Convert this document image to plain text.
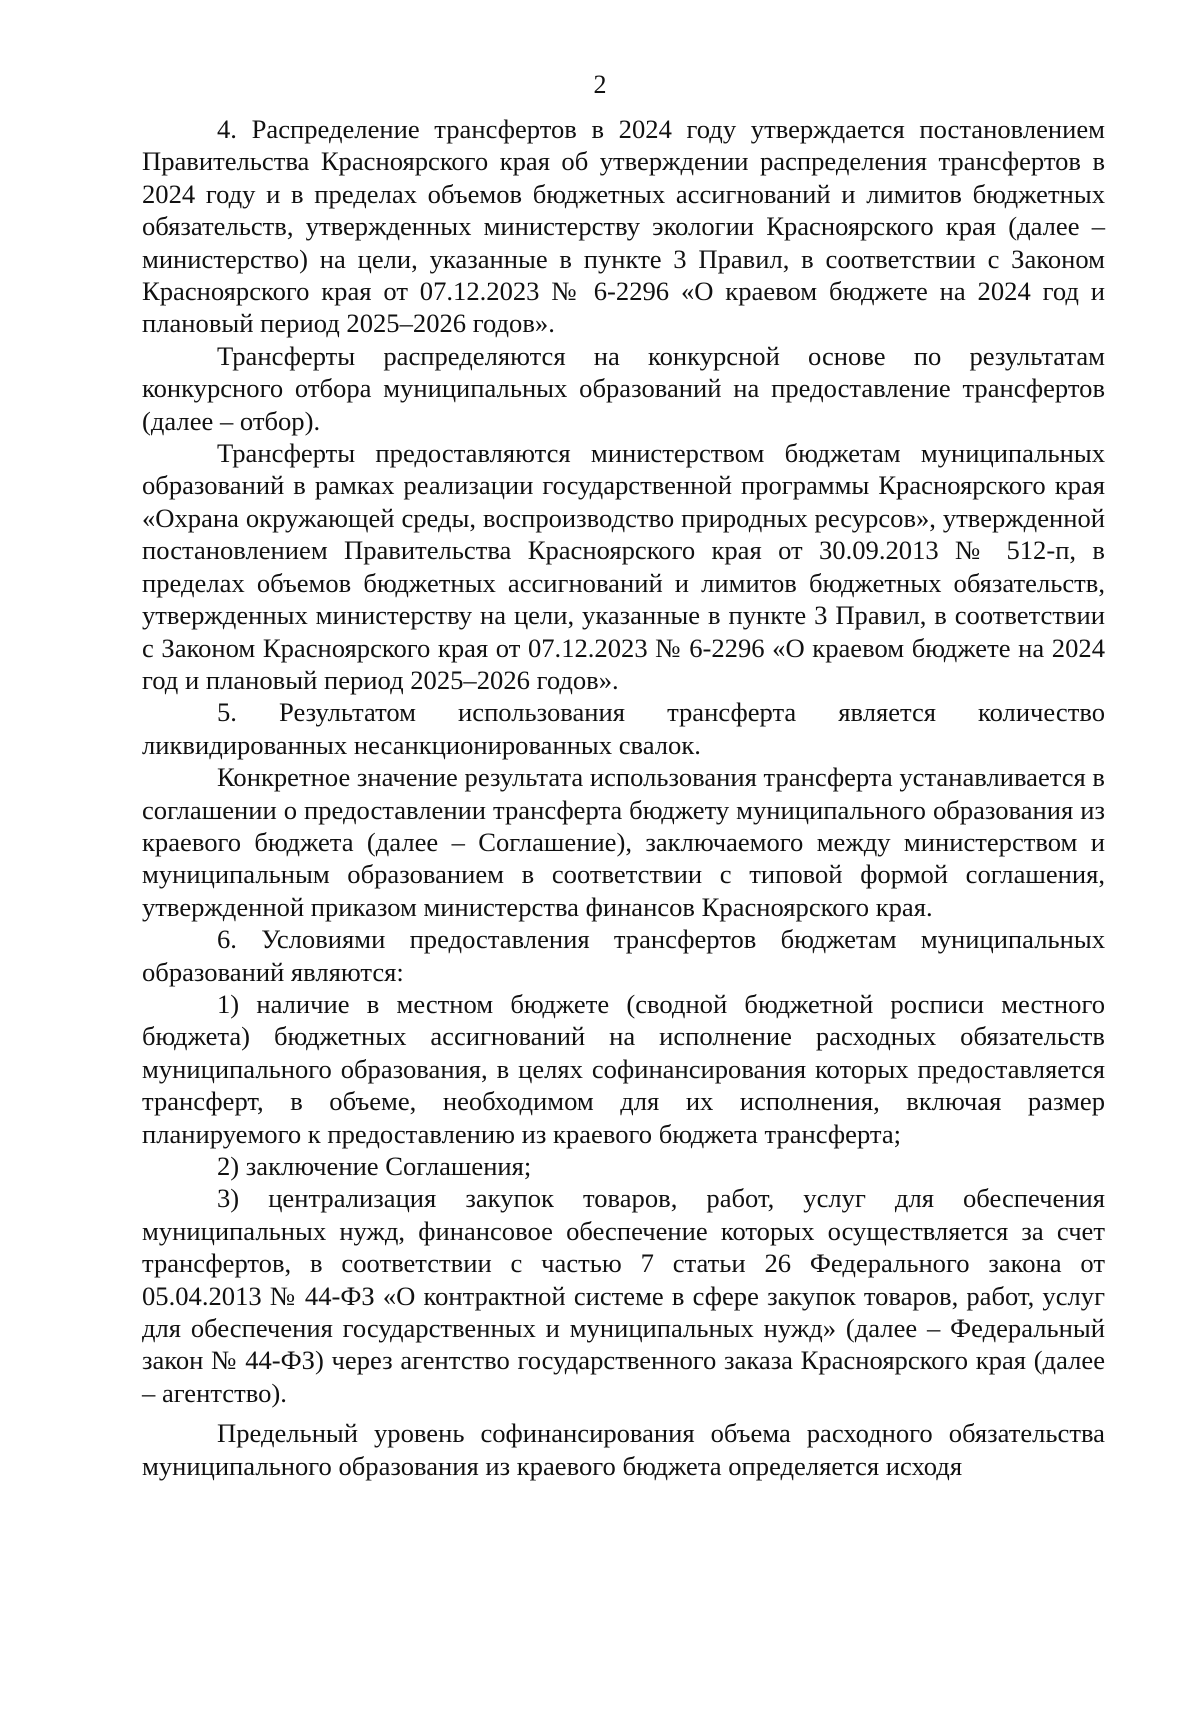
2

4. Распределение трансфертов в 2024 году утверждается постановлением Правительства Красноярского края об утверждении распределения трансфертов в 2024 году и в пределах объемов бюджетных ассигнований и лимитов бюджетных обязательств, утвержденных министерству экологии Красноярского края (далее – министерство) на цели, указанные в пункте 3 Правил, в соответствии с Законом Красноярского края от 07.12.2023 № 6-2296 «О краевом бюджете на 2024 год и плановый период 2025–2026 годов».

Трансферты распределяются на конкурсной основе по результатам конкурсного отбора муниципальных образований на предоставление трансфертов (далее – отбор).

Трансферты предоставляются министерством бюджетам муниципальных образований в рамках реализации государственной программы Красноярского края «Охрана окружающей среды, воспроизводство природных ресурсов», утвержденной постановлением Правительства Красноярского края от 30.09.2013 № 512-п, в пределах объемов бюджетных ассигнований и лимитов бюджетных обязательств, утвержденных министерству на цели, указанные в пункте 3 Правил, в соответствии с Законом Красноярского края от 07.12.2023 № 6-2296 «О краевом бюджете на 2024 год и плановый период 2025–2026 годов».

5. Результатом использования трансферта является количество ликвидированных несанкционированных свалок.

Конкретное значение результата использования трансферта устанавливается в соглашении о предоставлении трансферта бюджету муниципального образования из краевого бюджета (далее – Соглашение), заключаемого между министерством и муниципальным образованием в соответствии с типовой формой соглашения, утвержденной приказом министерства финансов Красноярского края.

6. Условиями предоставления трансфертов бюджетам муниципальных образований являются:

1) наличие в местном бюджете (сводной бюджетной росписи местного бюджета) бюджетных ассигнований на исполнение расходных обязательств муниципального образования, в целях софинансирования которых предоставляется трансферт, в объеме, необходимом для их исполнения, включая размер планируемого к предоставлению из краевого бюджета трансферта;

2) заключение Соглашения;

3) централизация закупок товаров, работ, услуг для обеспечения муниципальных нужд, финансовое обеспечение которых осуществляется за счет трансфертов, в соответствии с частью 7 статьи 26 Федерального закона от 05.04.2013 № 44-ФЗ «О контрактной системе в сфере закупок товаров, работ, услуг для обеспечения государственных и муниципальных нужд» (далее – Федеральный закон № 44-ФЗ) через агентство государственного заказа Красноярского края (далее – агентство).

Предельный уровень софинансирования объема расходного обязательства муниципального образования из краевого бюджета определяется исходя
